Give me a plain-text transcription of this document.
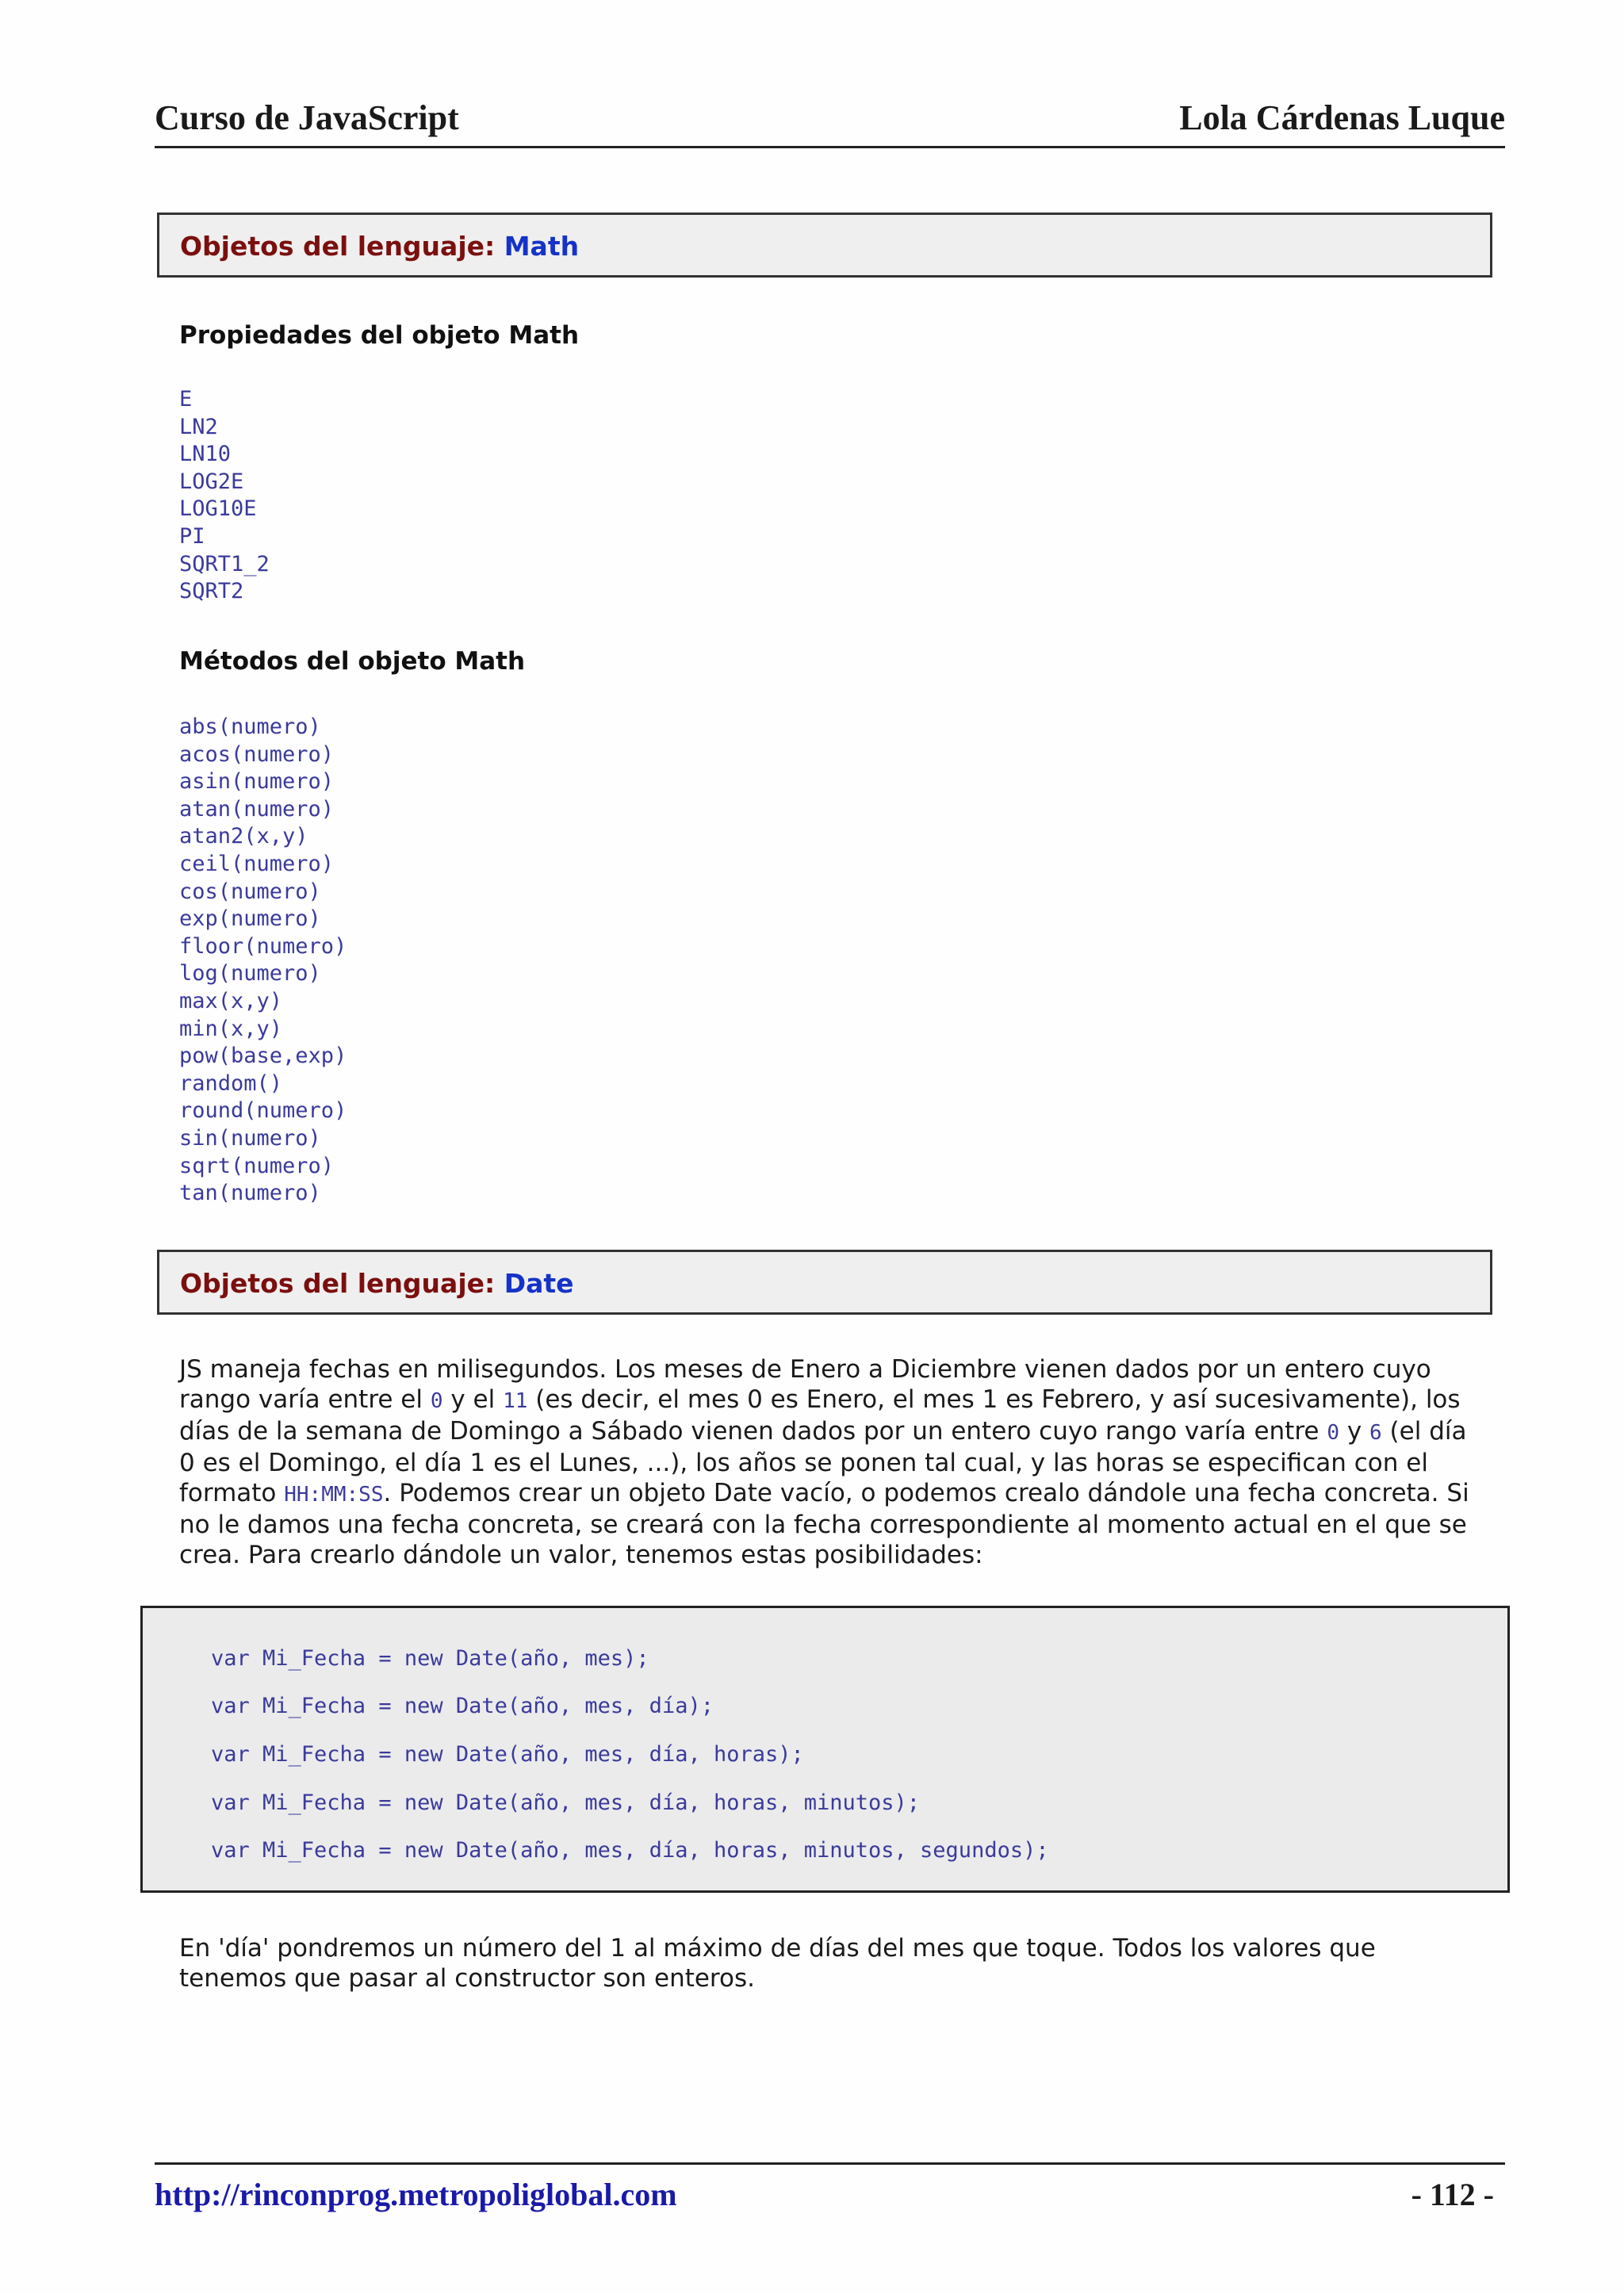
Curso de JavaScript	Lola Cárdenas Luque
Objetos del lenguaje: Math
Propiedades del objeto Math
E
LN2
LN10
LOG2E
LOG10E
PI
SQRT1_2
SQRT2
Métodos del objeto Math
abs(numero)
acos(numero)
asin(numero)
atan(numero)
atan2(x,y)
ceil(numero)
cos(numero)
exp(numero)
floor(numero)
log(numero)
max(x,y)
min(x,y)
pow(base,exp)
random()
round(numero)
sin(numero)
sqrt(numero)
tan(numero)
Objetos del lenguaje: Date

JS maneja fechas en milisegundos. Los meses de Enero a Diciembre vienen dados por un entero cuyo rango varía entre el 0 y el 11 (es decir, el mes 0 es Enero, el mes 1 es Febrero, y así sucesivamente), los días de la semana de Domingo a Sábado vienen dados por un entero cuyo rango varía entre 0 y 6 (el día 0 es el Domingo, el día 1 es el Lunes, ...), los años se ponen tal cual, y las horas se especifican con el formato HH:MM:SS. Podemos crear un objeto Date vacío, o podemos crealo dándole una fecha concreta. Si no le damos una fecha concreta, se creará con la fecha correspondiente al momento actual en el que se crea. Para crearlo dándole un valor, tenemos estas posibilidades:

var Mi_Fecha = new Date(año, mes);
var Mi_Fecha = new Date(año, mes, día);
var Mi_Fecha = new Date(año, mes, día, horas);
var Mi_Fecha = new Date(año, mes, día, horas, minutos);
var Mi_Fecha = new Date(año, mes, día, horas, minutos, segundos);

En 'día' pondremos un número del 1 al máximo de días del mes que toque. Todos los valores que tenemos que pasar al constructor son enteros.

http://rinconprog.metropoliglobal.com	- 112 -
